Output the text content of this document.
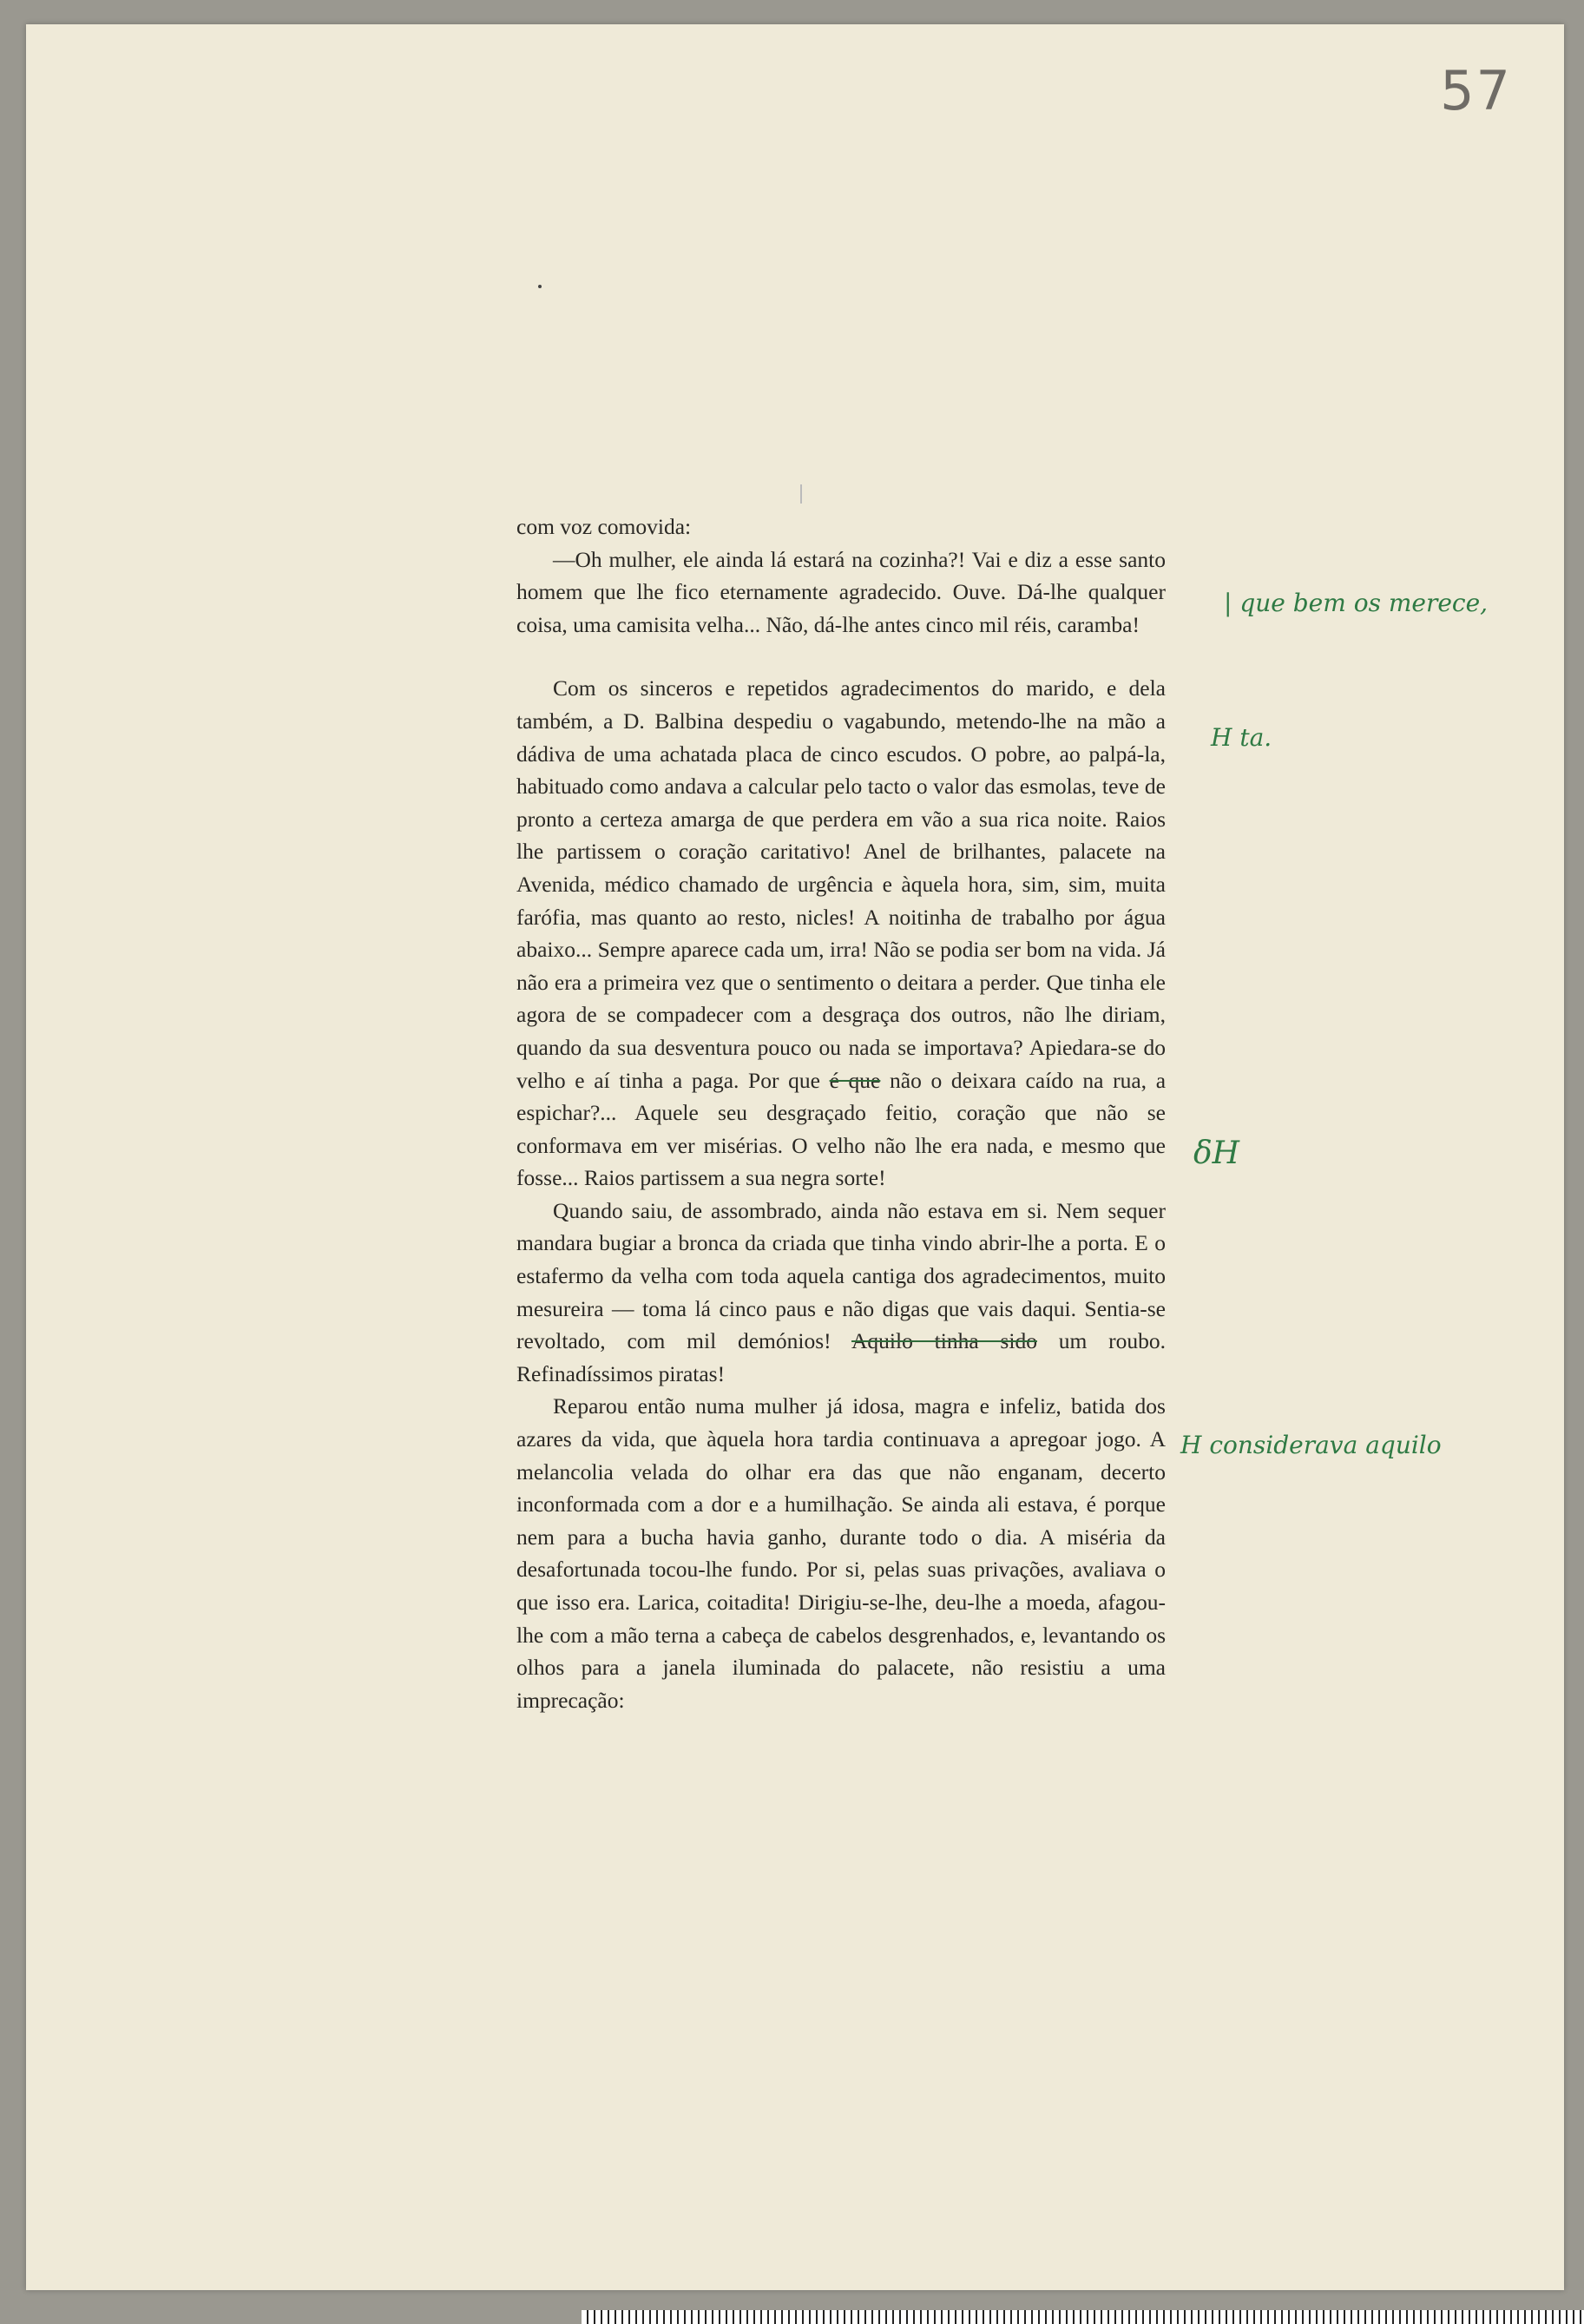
57

com voz comovida:

—Oh mulher, ele ainda lá estará na cozinha?! Vai e diz a esse santo homem que lhe fico eternamente agradecido. Ouve. Dá-lhe qualquer coisa, uma camisita velha... Não, dá-lhe antes cinco mil réis, caramba!

Com os sinceros e repetidos agradecimentos do marido, e dela também, a D. Balbina despediu o vagabundo, metendo-lhe na mão a dádiva de uma achatada placa de cinco escudos. O pobre, ao palpá-la, habituado como andava a calcular pelo tacto o valor das esmolas, teve de pronto a certeza amarga de que perdera em vão a sua rica noite. Raios lhe partissem o coração caritativo! Anel de brilhantes, palacete na Avenida, médico chamado de urgência e àquela hora, sim, sim, muita farófia, mas quanto ao resto, nicles! A noitinha de trabalho por água abaixo... Sempre aparece cada um, irra! Não se podia ser bom na vida. Já não era a primeira vez que o sentimento o deitara a perder. Que tinha ele agora de se compadecer com a desgraça dos outros, não lhe diriam, quando da sua desventura pouco ou nada se importava? Apiedara-se do velho e aí tinha a paga. Por que é que não o deixara caído na rua, a espichar?... Aquele seu desgraçado feitio, coração que não se conformava em ver misérias. O velho não lhe era nada, e mesmo que fosse... Raios partissem a sua negra sorte!

Quando saiu, de assombrado, ainda não estava em si. Nem sequer mandara bugiar a bronca da criada que tinha vindo abrir-lhe a porta. E o estafermo da velha com toda aquela cantiga dos agradecimentos, muito mesureira — toma lá cinco paus e não digas que vais daqui. Sentia-se revoltado, com mil demónios! Aquilo tinha sido um roubo. Refinadíssimos piratas!

Reparou então numa mulher já idosa, magra e infeliz, batida dos azares da vida, que àquela hora tardia continuava a apregoar jogo. A melancolia velada do olhar era das que não enganam, decerto inconformada com a dor e a humilhação. Se ainda ali estava, é porque nem para a bucha havia ganho, durante todo o dia. A miséria da desafortunada tocou-lhe fundo. Por si, pelas suas privações, avaliava o que isso era. Larica, coitadita! Dirigiu-se-lhe, deu-lhe a moeda, afagou-lhe com a mão terna a cabeça de cabelos desgrenhados, e, levantando os olhos para a janela iluminada do palacete, não resistiu a uma imprecação:

| que bem os merece,
H ta.
δH
H considerava aquilo
